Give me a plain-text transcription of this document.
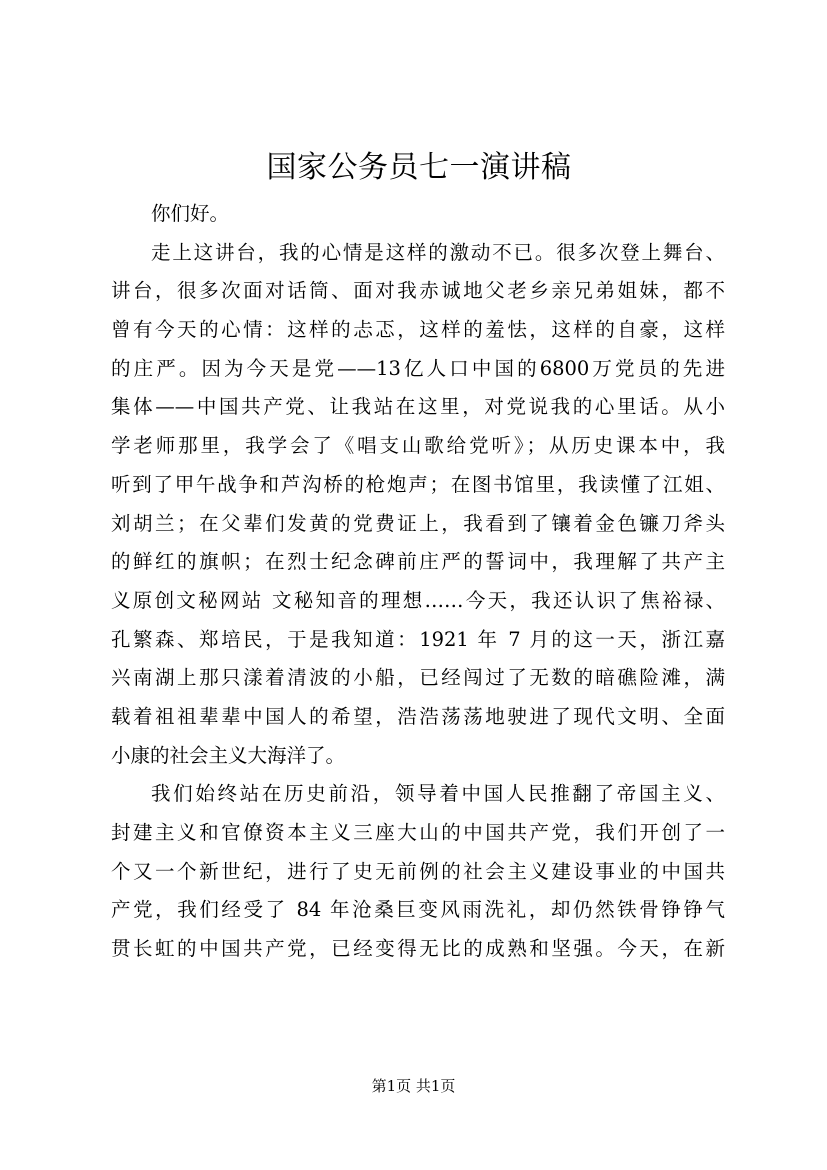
国家公务员七一演讲稿
你们好。
走上这讲台，我的心情是这样的激动不已。很多次登上舞台、
讲台，很多次面对话筒、面对我赤诚地父老乡亲兄弟姐妹，都不
曾有今天的心情：这样的忐忑，这样的羞怯，这样的自豪，这样
的庄严。因为今天是党——13亿人口中国的6800万党员的先进
集体——中国共产党、让我站在这里，对党说我的心里话。从小
学老师那里，我学会了《唱支山歌给党听》；从历史课本中，我
听到了甲午战争和芦沟桥的枪炮声；在图书馆里，我读懂了江姐、
刘胡兰；在父辈们发黄的党费证上，我看到了镶着金色镰刀斧头
的鲜红的旗帜；在烈士纪念碑前庄严的誓词中，我理解了共产主
义原创文秘网站 文秘知音的理想……今天，我还认识了焦裕禄、
孔繁森、郑培民，于是我知道：1921 年 7 月的这一天，浙江嘉
兴南湖上那只漾着清波的小船，已经闯过了无数的暗礁险滩，满
载着祖祖辈辈中国人的希望，浩浩荡荡地驶进了现代文明、全面
小康的社会主义大海洋了。
我们始终站在历史前沿，领导着中国人民推翻了帝国主义、
封建主义和官僚资本主义三座大山的中国共产党，我们开创了一
个又一个新世纪，进行了史无前例的社会主义建设事业的中国共
产党，我们经受了 84 年沧桑巨变风雨洗礼，却仍然铁骨铮铮气
贯长虹的中国共产党，已经变得无比的成熟和坚强。今天，在新
第1页 共1页
